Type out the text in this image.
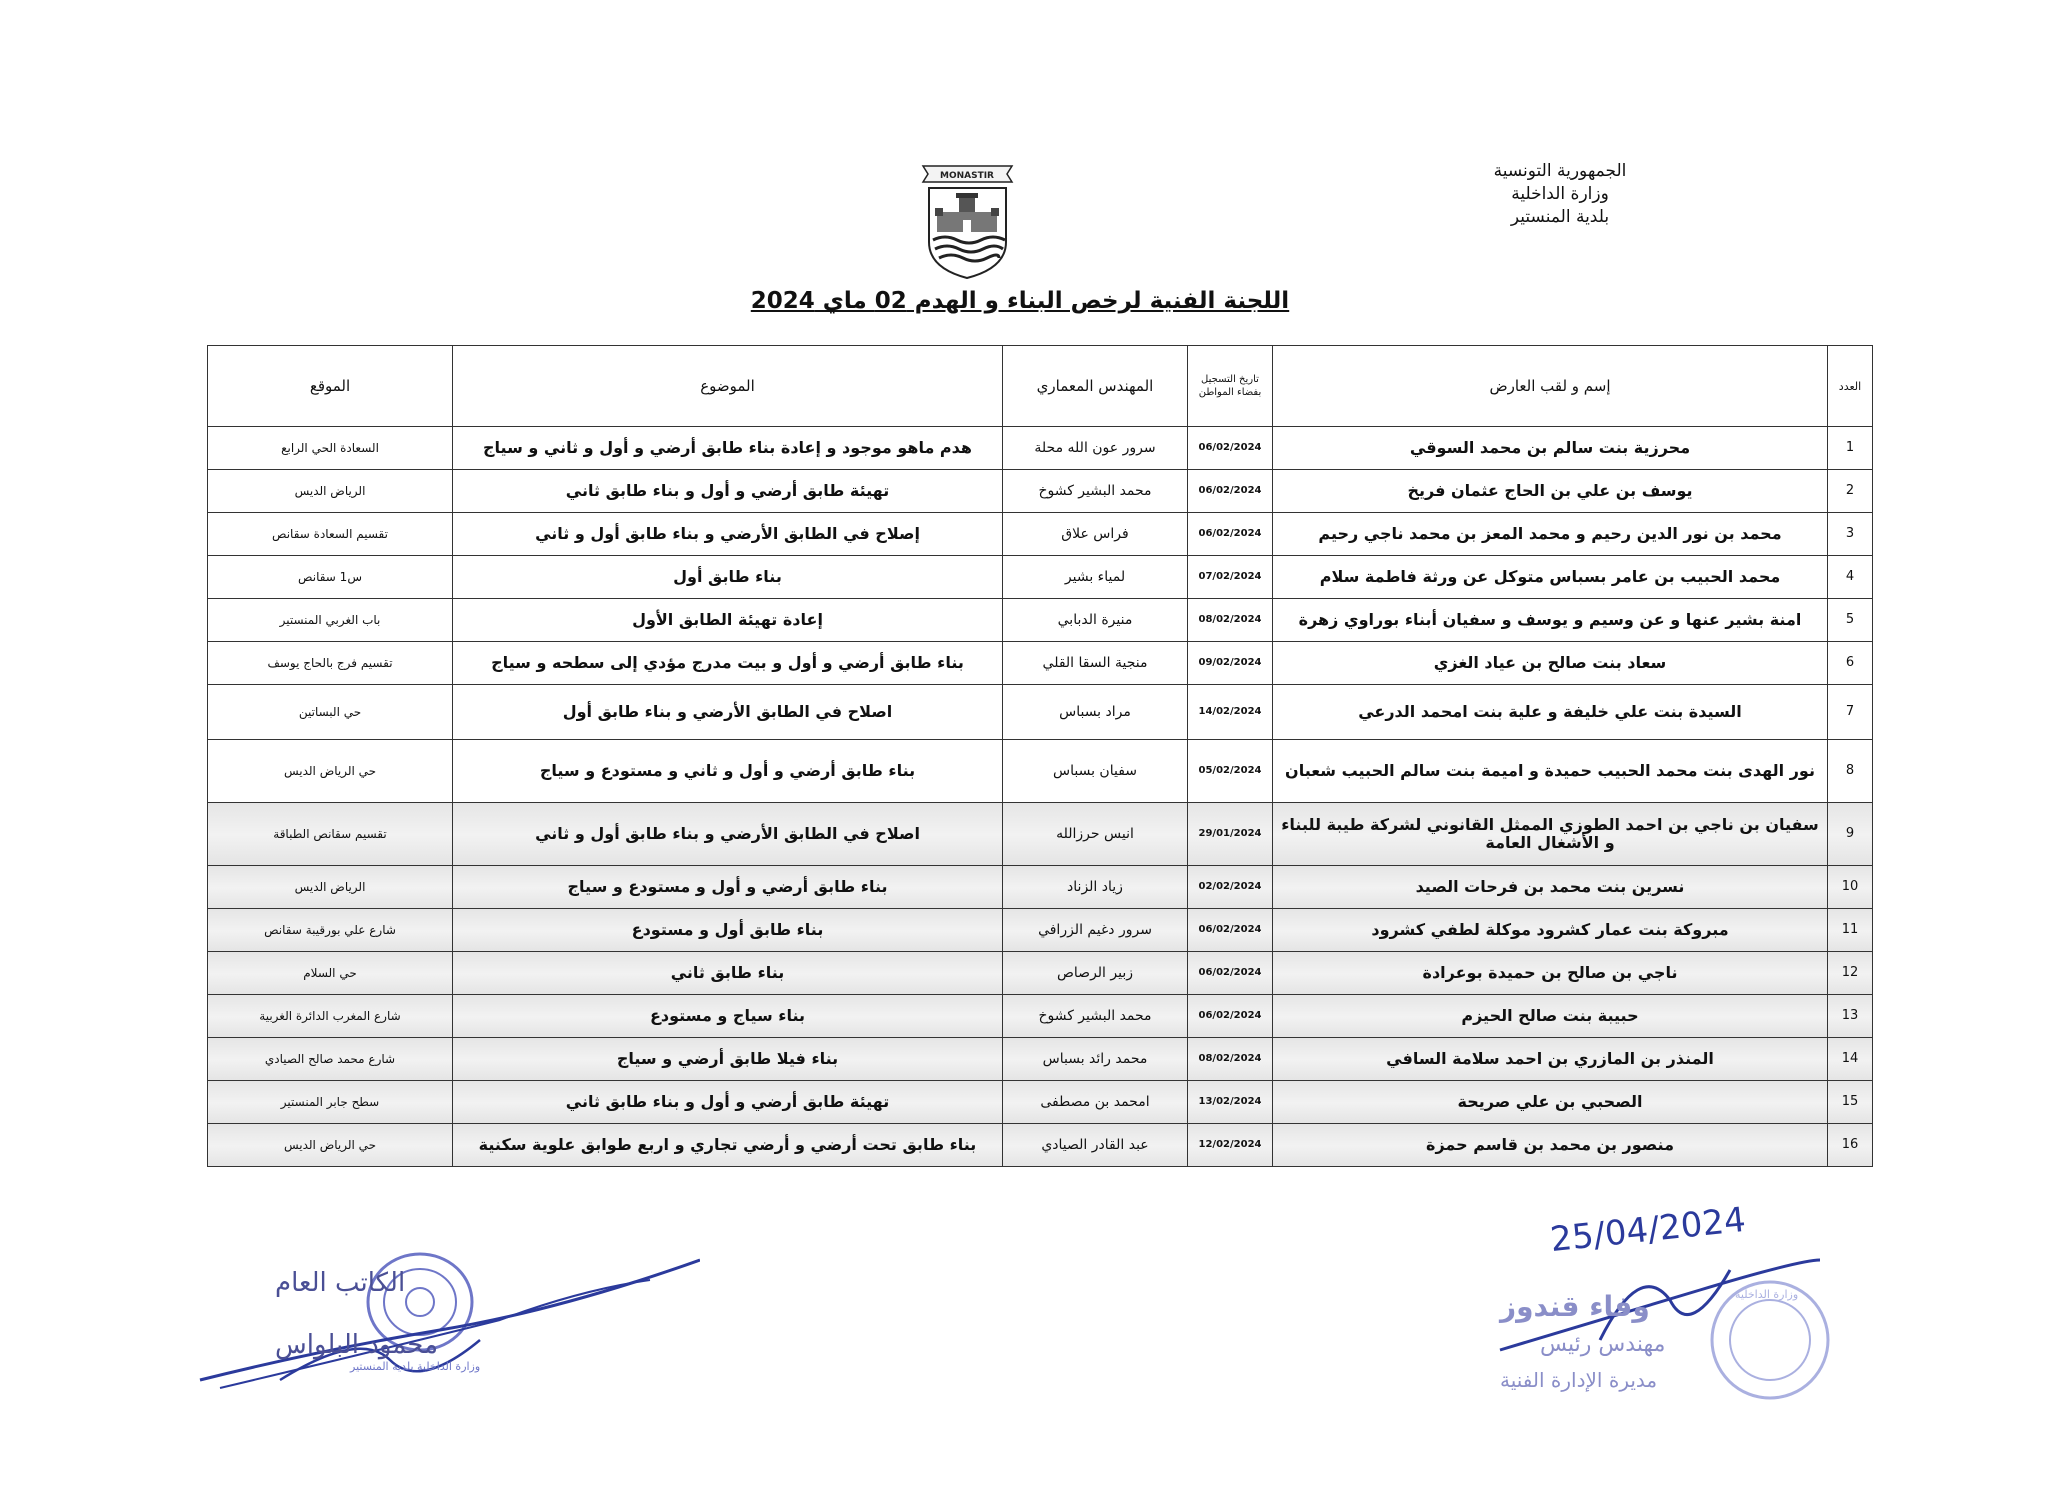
الجمهورية التونسية
وزارة الداخلية
بلدية المنستير
MONASTIR
اللجنة الفنية لرخص البناء و الهدم 02 ماي 2024
العدد	إسم و لقب العارض	تاريخ التسجيل بفضاء المواطن	المهندس المعماري	الموضوع	الموقع
1	محرزية بنت سالم بن محمد السوقي	06/02/2024	سرور عون الله محلة	هدم ماهو موجود و إعادة بناء طابق أرضي و أول و ثاني و سياج	السعادة الحي الرابع
2	يوسف بن علي بن الحاج عثمان فريخ	06/02/2024	محمد البشير كشوخ	تهيئة طابق أرضي و أول و بناء طابق ثاني	الرياض الديس
3	محمد بن نور الدين رحيم و محمد المعز بن محمد ناجي رحيم	06/02/2024	فراس علاق	إصلاح في الطابق الأرضي و بناء طابق أول و ثاني	تقسيم السعادة سقانص
4	محمد الحبيب بن عامر بسباس متوكل عن ورثة فاطمة سلام	07/02/2024	لمياء بشير	بناء طابق أول	س1 سقانص
5	امنة بشير عنها و عن وسيم و يوسف و سفيان أبناء بوراوي زهرة	08/02/2024	منيرة الدبابي	إعادة تهيئة الطابق الأول	باب الغربي المنستير
6	سعاد بنت صالح بن عياد الغزي	09/02/2024	منجية السقا القلي	بناء طابق أرضي و أول و بيت مدرج مؤدي إلى سطحه و سياج	تقسيم فرج بالحاج يوسف
7	السيدة بنت علي خليفة و علية بنت امحمد الدرعي	14/02/2024	مراد بسباس	اصلاح في الطابق الأرضي و بناء طابق أول	حي البساتين
8	نور الهدى بنت محمد الحبيب حميدة و اميمة بنت سالم الحبيب شعبان	05/02/2024	سفيان بسباس	بناء طابق أرضي و أول و ثاني و مستودع و سياج	حي الرياض الديس
9	سفيان بن ناجي بن احمد الطوزي الممثل القانوني لشركة طيبة للبناء و الأشغال العامة	29/01/2024	انيس حرزالله	اصلاح في الطابق الأرضي و بناء طابق أول و ثاني	تقسيم سقانص الطباقة
10	نسرين بنت محمد بن فرحات الصيد	02/02/2024	زياد الزناد	بناء طابق أرضي و أول و مستودع و سياج	الرياض الديس
11	مبروكة بنت عمار كشرود موكلة لطفي كشرود	06/02/2024	سرور دغيم الزرافي	بناء طابق أول و مستودع	شارع علي بورقيبة سقانص
12	ناجي بن صالح بن حميدة بوعرادة	06/02/2024	زبير الرصاص	بناء طابق ثاني	حي السلام
13	حبيبة بنت صالح الحيزم	06/02/2024	محمد البشير كشوخ	بناء سياج و مستودع	شارع المغرب الدائرة الغربية
14	المنذر بن المازري بن احمد سلامة السافي	08/02/2024	محمد رائد بسباس	بناء فيلا طابق أرضي و سياج	شارع محمد صالح الصيادي
15	الصحبي بن علي صريحة	13/02/2024	امحمد بن مصطفى	تهيئة طابق أرضي و أول و بناء طابق ثاني	سطح جابر المنستير
16	منصور بن محمد بن قاسم حمزة	12/02/2024	عبد القادر الصيادي	بناء طابق تحت أرضي و أرضي تجاري و اربع طوابق علوية سكنية	حي الرياض الديس
الكاتب العام
محمود البلواس
وزارة الداخلية بلدية المنستير
25/04/2024
وفاء قندوز
مهندس رئيس
مديرة الإدارة الفنية
وزارة الداخلية
